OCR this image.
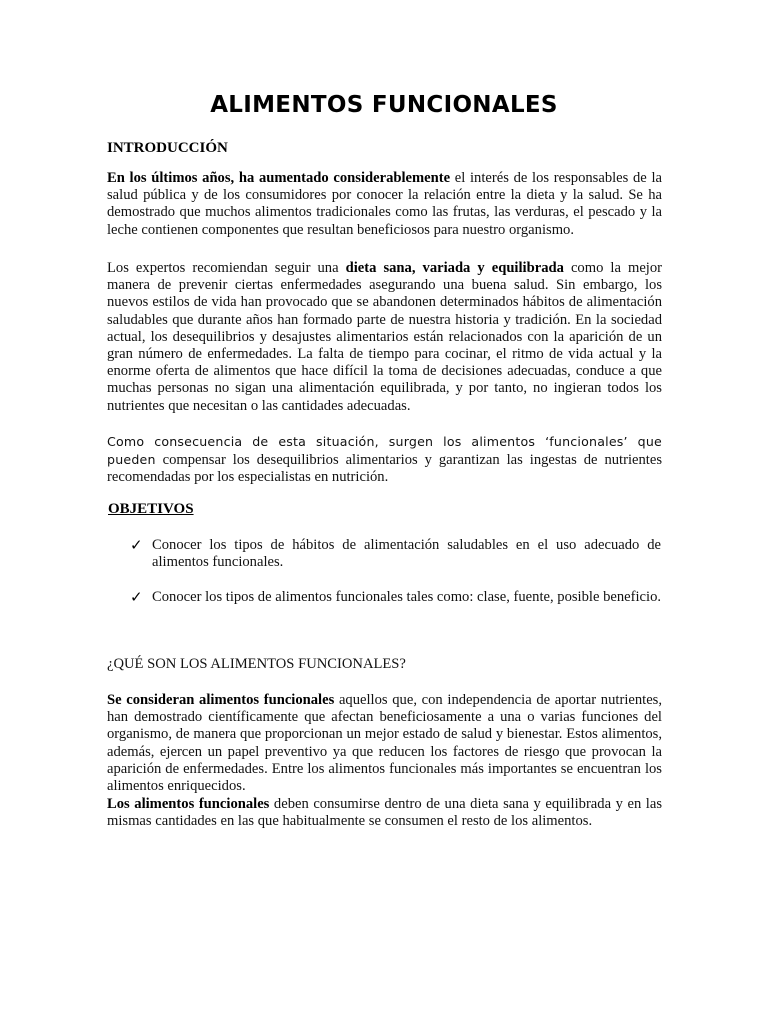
ALIMENTOS FUNCIONALES
INTRODUCCIÓN
En los últimos años, ha aumentado considerablemente el interés de los responsables de la salud pública y de los consumidores por conocer la relación entre la dieta y la salud. Se ha demostrado que muchos alimentos tradicionales como las frutas, las verduras, el pescado y la leche contienen componentes que resultan beneficiosos para nuestro organismo.
Los expertos recomiendan seguir una dieta sana, variada y equilibrada como la mejor manera de prevenir ciertas enfermedades asegurando una buena salud. Sin embargo, los nuevos estilos de vida han provocado que se abandonen determinados hábitos de alimentación saludables que durante años han formado parte de nuestra historia y tradición. En la sociedad actual, los desequilibrios y desajustes alimentarios están relacionados con la aparición de un gran número de enfermedades. La falta de tiempo para cocinar, el ritmo de vida actual y la enorme oferta de alimentos que hace difícil la toma de decisiones adecuadas, conduce a que muchas personas no sigan una alimentación equilibrada, y por tanto, no ingieran todos los nutrientes que necesitan o las cantidades adecuadas.
Como consecuencia de esta situación, surgen los alimentos ‘funcionales’ que pueden compensar los desequilibrios alimentarios y garantizan las ingestas de nutrientes recomendadas por los especialistas en nutrición.
OBJETIVOS
✓ Conocer los tipos de hábitos de alimentación saludables en el uso adecuado de alimentos funcionales.
✓ Conocer los tipos de alimentos funcionales tales como: clase, fuente, posible beneficio.
¿QUÉ SON LOS ALIMENTOS FUNCIONALES?
Se consideran alimentos funcionales aquellos que, con independencia de aportar nutrientes, han demostrado científicamente que afectan beneficiosamente a una o varias funciones del organismo, de manera que proporcionan un mejor estado de salud y bienestar. Estos alimentos, además, ejercen un papel preventivo ya que reducen los factores de riesgo que provocan la aparición de enfermedades. Entre los alimentos funcionales más importantes se encuentran los alimentos enriquecidos.
Los alimentos funcionales deben consumirse dentro de una dieta sana y equilibrada y en las mismas cantidades en las que habitualmente se consumen el resto de los alimentos.
